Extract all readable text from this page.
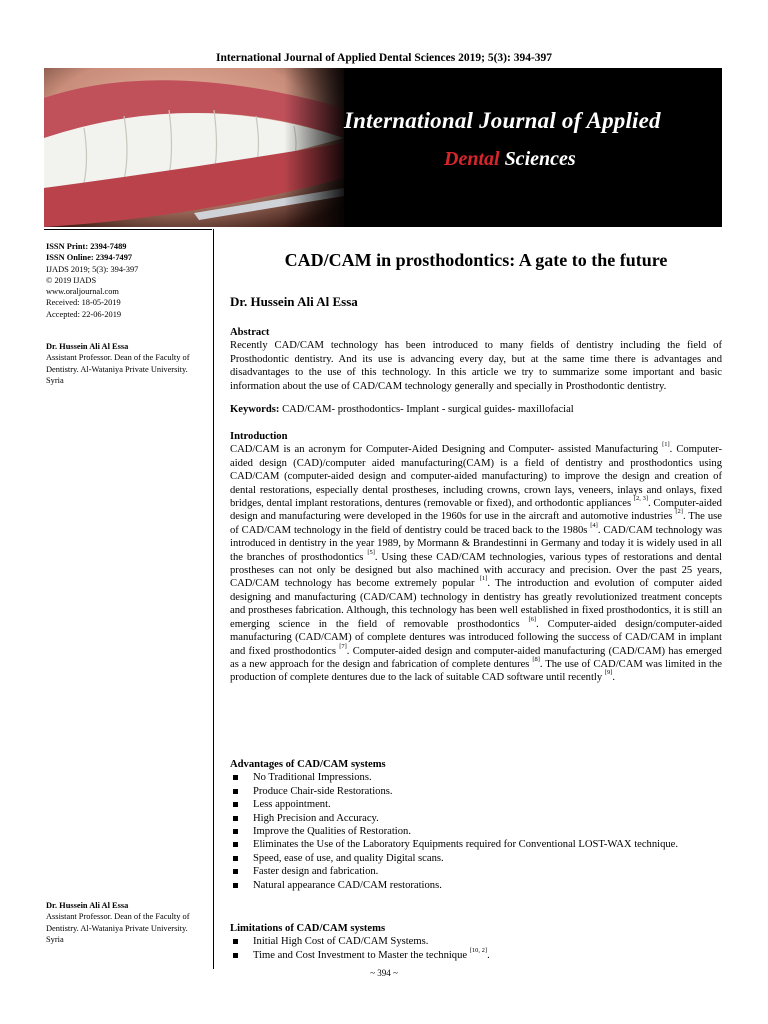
International Journal of Applied Dental Sciences 2019; 5(3): 394-397
International Journal of Applied
Dental Sciences
ISSN Print: 2394-7489
ISSN Online: 2394-7497
IJADS 2019; 5(3): 394-397
© 2019 IJADS
www.oraljournal.com
Received: 18-05-2019
Accepted: 22-06-2019
Dr. Hussein Ali Al Essa
Assistant Professor. Dean of the Faculty of Dentistry. Al-Wataniya Private University. Syria
Dr. Hussein Ali Al Essa
Assistant Professor. Dean of the Faculty of Dentistry. Al-Wataniya Private University. Syria
CAD/CAM in prosthodontics: A gate to the future
Dr. Hussein Ali Al Essa
Abstract
Recently CAD/CAM technology has been introduced to many fields of dentistry including the field of Prosthodontic dentistry. And its use is advancing every day, but at the same time there is advantages and disadvantages to the use of this technology. In this article we try to summarize some important and basic information about the use of CAD/CAM technology generally and specially in Prosthodontic dentistry.
Keywords: CAD/CAM- prosthodontics- Implant - surgical guides- maxillofacial
Introduction
CAD/CAM is an acronym for Computer-Aided Designing and Computer- assisted Manufacturing [1]. Computer-aided design (CAD)/computer aided manufacturing(CAM) is a field of dentistry and prosthodontics using CAD/CAM (computer-aided design and computer-aided manufacturing) to improve the design and creation of dental restorations, especially dental prostheses, including crowns, crown lays, veneers, inlays and onlays, fixed bridges, dental implant restorations, dentures (removable or fixed), and orthodontic appliances [2, 3]. Computer-aided design and manufacturing were developed in the 1960s for use in the aircraft and automotive industries [2]. The use of CAD/CAM technology in the field of dentistry could be traced back to the 1980s [4]. CAD/CAM technology was introduced in dentistry in the year 1989, by Mormann & Brandestinni in Germany and today it is widely used in all the branches of prosthodontics [5]. Using these CAD/CAM technologies, various types of restorations and dental prostheses can not only be designed but also machined with accuracy and precision. Over the past 25 years, CAD/CAM technology has become extremely popular [1]. The introduction and evolution of computer aided designing and manufacturing (CAD/CAM) technology in dentistry has greatly revolutionized treatment concepts and prostheses fabrication. Although, this technology has been well established in fixed prosthodontics, it is still an emerging science in the field of removable prosthodontics [6]. Computer-aided design/computer-aided manufacturing (CAD/CAM) of complete dentures was introduced following the success of CAD/CAM in implant and fixed prosthodontics [7]. Computer-aided design and computer-aided manufacturing (CAD/CAM) has emerged as a new approach for the design and fabrication of complete dentures [8]. The use of CAD/CAM was limited in the production of complete dentures due to the lack of suitable CAD software until recently [9].
Advantages of CAD/CAM systems
No Traditional Impressions.
Produce Chair-side Restorations.
Less appointment.
High Precision and Accuracy.
Improve the Qualities of Restoration.
Eliminates the Use of the Laboratory Equipments required for Conventional LOST-WAX technique.
Speed, ease of use, and quality Digital scans.
Faster design and fabrication.
Natural appearance CAD/CAM restorations.
Limitations of CAD/CAM systems
Initial High Cost of CAD/CAM Systems.
Time and Cost Investment to Master the technique [10, 2].
~ 394 ~
